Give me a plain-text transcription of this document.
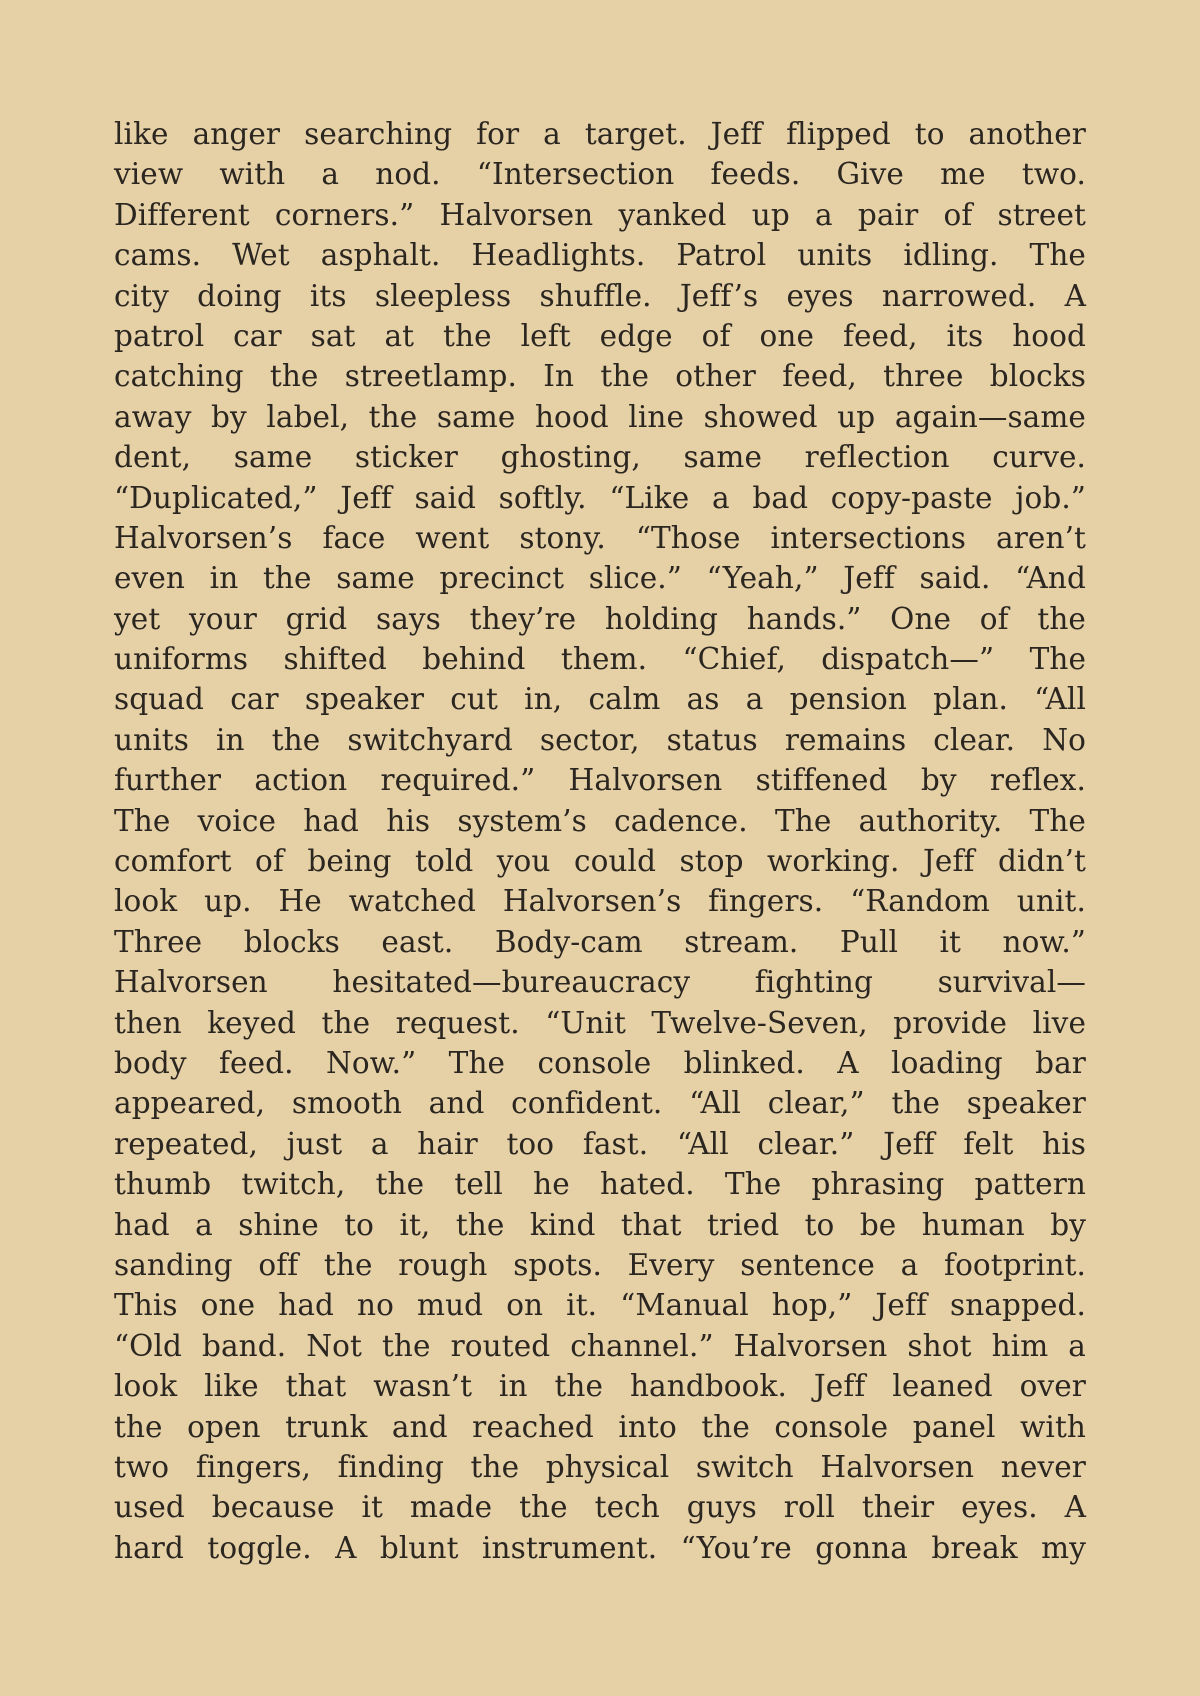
like anger searching for a target. Jeff flipped to another
view with a nod. “Intersection feeds. Give me two.
Different corners.” Halvorsen yanked up a pair of street
cams. Wet asphalt. Headlights. Patrol units idling. The
city doing its sleepless shuffle. Jeff’s eyes narrowed. A
patrol car sat at the left edge of one feed, its hood
catching the streetlamp. In the other feed, three blocks
away by label, the same hood line showed up again—same
dent, same sticker ghosting, same reflection curve.
“Duplicated,” Jeff said softly. “Like a bad copy-paste job.”
Halvorsen’s face went stony. “Those intersections aren’t
even in the same precinct slice.” “Yeah,” Jeff said. “And
yet your grid says they’re holding hands.” One of the
uniforms shifted behind them. “Chief, dispatch—” The
squad car speaker cut in, calm as a pension plan. “All
units in the switchyard sector, status remains clear. No
further action required.” Halvorsen stiffened by reflex.
The voice had his system’s cadence. The authority. The
comfort of being told you could stop working. Jeff didn’t
look up. He watched Halvorsen’s fingers. “Random unit.
Three blocks east. Body-cam stream. Pull it now.”
Halvorsen hesitated—bureaucracy fighting survival—
then keyed the request. “Unit Twelve-Seven, provide live
body feed. Now.” The console blinked. A loading bar
appeared, smooth and confident. “All clear,” the speaker
repeated, just a hair too fast. “All clear.” Jeff felt his
thumb twitch, the tell he hated. The phrasing pattern
had a shine to it, the kind that tried to be human by
sanding off the rough spots. Every sentence a footprint.
This one had no mud on it. “Manual hop,” Jeff snapped.
“Old band. Not the routed channel.” Halvorsen shot him a
look like that wasn’t in the handbook. Jeff leaned over
the open trunk and reached into the console panel with
two fingers, finding the physical switch Halvorsen never
used because it made the tech guys roll their eyes. A
hard toggle. A blunt instrument. “You’re gonna break my
